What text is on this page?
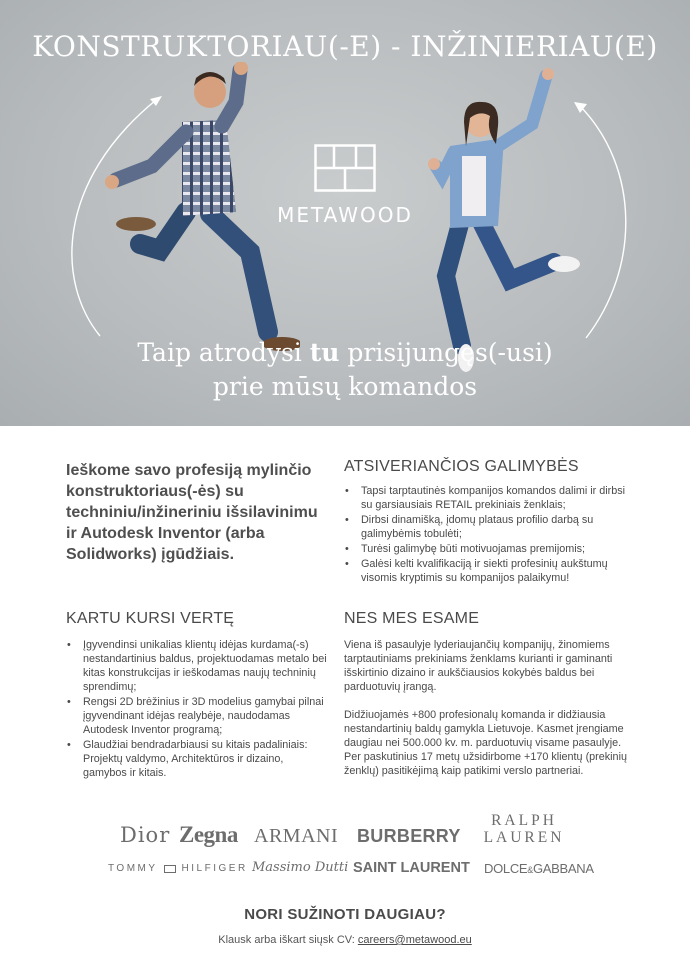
KONSTRUKTORIAU(-E) - INŽINIERIAU(E)
METAWOOD
Taip atrodysi tu prisijungęs(-usi)
prie mūsų komandos
Ieškome savo profesiją mylinčio konstruktoriaus(-ės) su techniniu/inžineriniu išsilavinimu ir Autodesk Inventor (arba Solidworks) įgūdžiais.
ATSIVERIANČIOS GALIMYBĖS
• Tapsi tarptautinės kompanijos komandos dalimi ir dirbsi su garsiausiais RETAIL prekiniais ženklais;
• Dirbsi dinamišką, įdomų plataus profilio darbą su galimybėmis tobulėti;
• Turėsi galimybę būti motivuojamas premijomis;
• Galėsi kelti kvalifikaciją ir siekti profesinių aukštumų visomis kryptimis su kompanijos palaikymu!
KARTU KURSI VERTĘ
• Įgyvendinsi unikalias klientų idėjas kurdama(-s) nestandartinius baldus, projektuodamas metalo bei kitas konstrukcijas ir ieškodamas naujų techninių sprendimų;
• Rengsi 2D brėžinius ir 3D modelius gamybai pilnai įgyvendinant idėjas realybėje, naudodamas Autodesk Inventor programą;
• Glaudžiai bendradarbiausi su kitais padaliniais: Projektų valdymo, Architektūros ir dizaino, gamybos ir kitais.
NES MES ESAME

Viena iš pasaulyje lyderiaujančių kompanijų, žinomiems tarptautiniams prekiniams ženklams kurianti ir gaminanti išskirtinio dizaino ir aukščiausios kokybės baldus bei parduotuvių įrangą.

Didžiuojamės +800 profesionalų komanda ir didžiausia nestandartinių baldų gamykla Lietuvoje. Kasmet įrengiame daugiau nei 500.000 kv. m. parduotuvių visame pasaulyje. Per paskutinius 17 metų užsidirbome +170 klientų (prekinių ženklų) pasitikėjimą kaip patikimi verslo partneriai.

Dior Zegna ARMANI BURBERRY
RALPH
LAUREN
TOMMY HILFIGER Massimo Dutti SAINT LAURENT DOLCE&GABBANA
NORI SUŽINOTI DAUGIAU?
Klausk arba iškart siųsk CV: careers@metawood.eu
